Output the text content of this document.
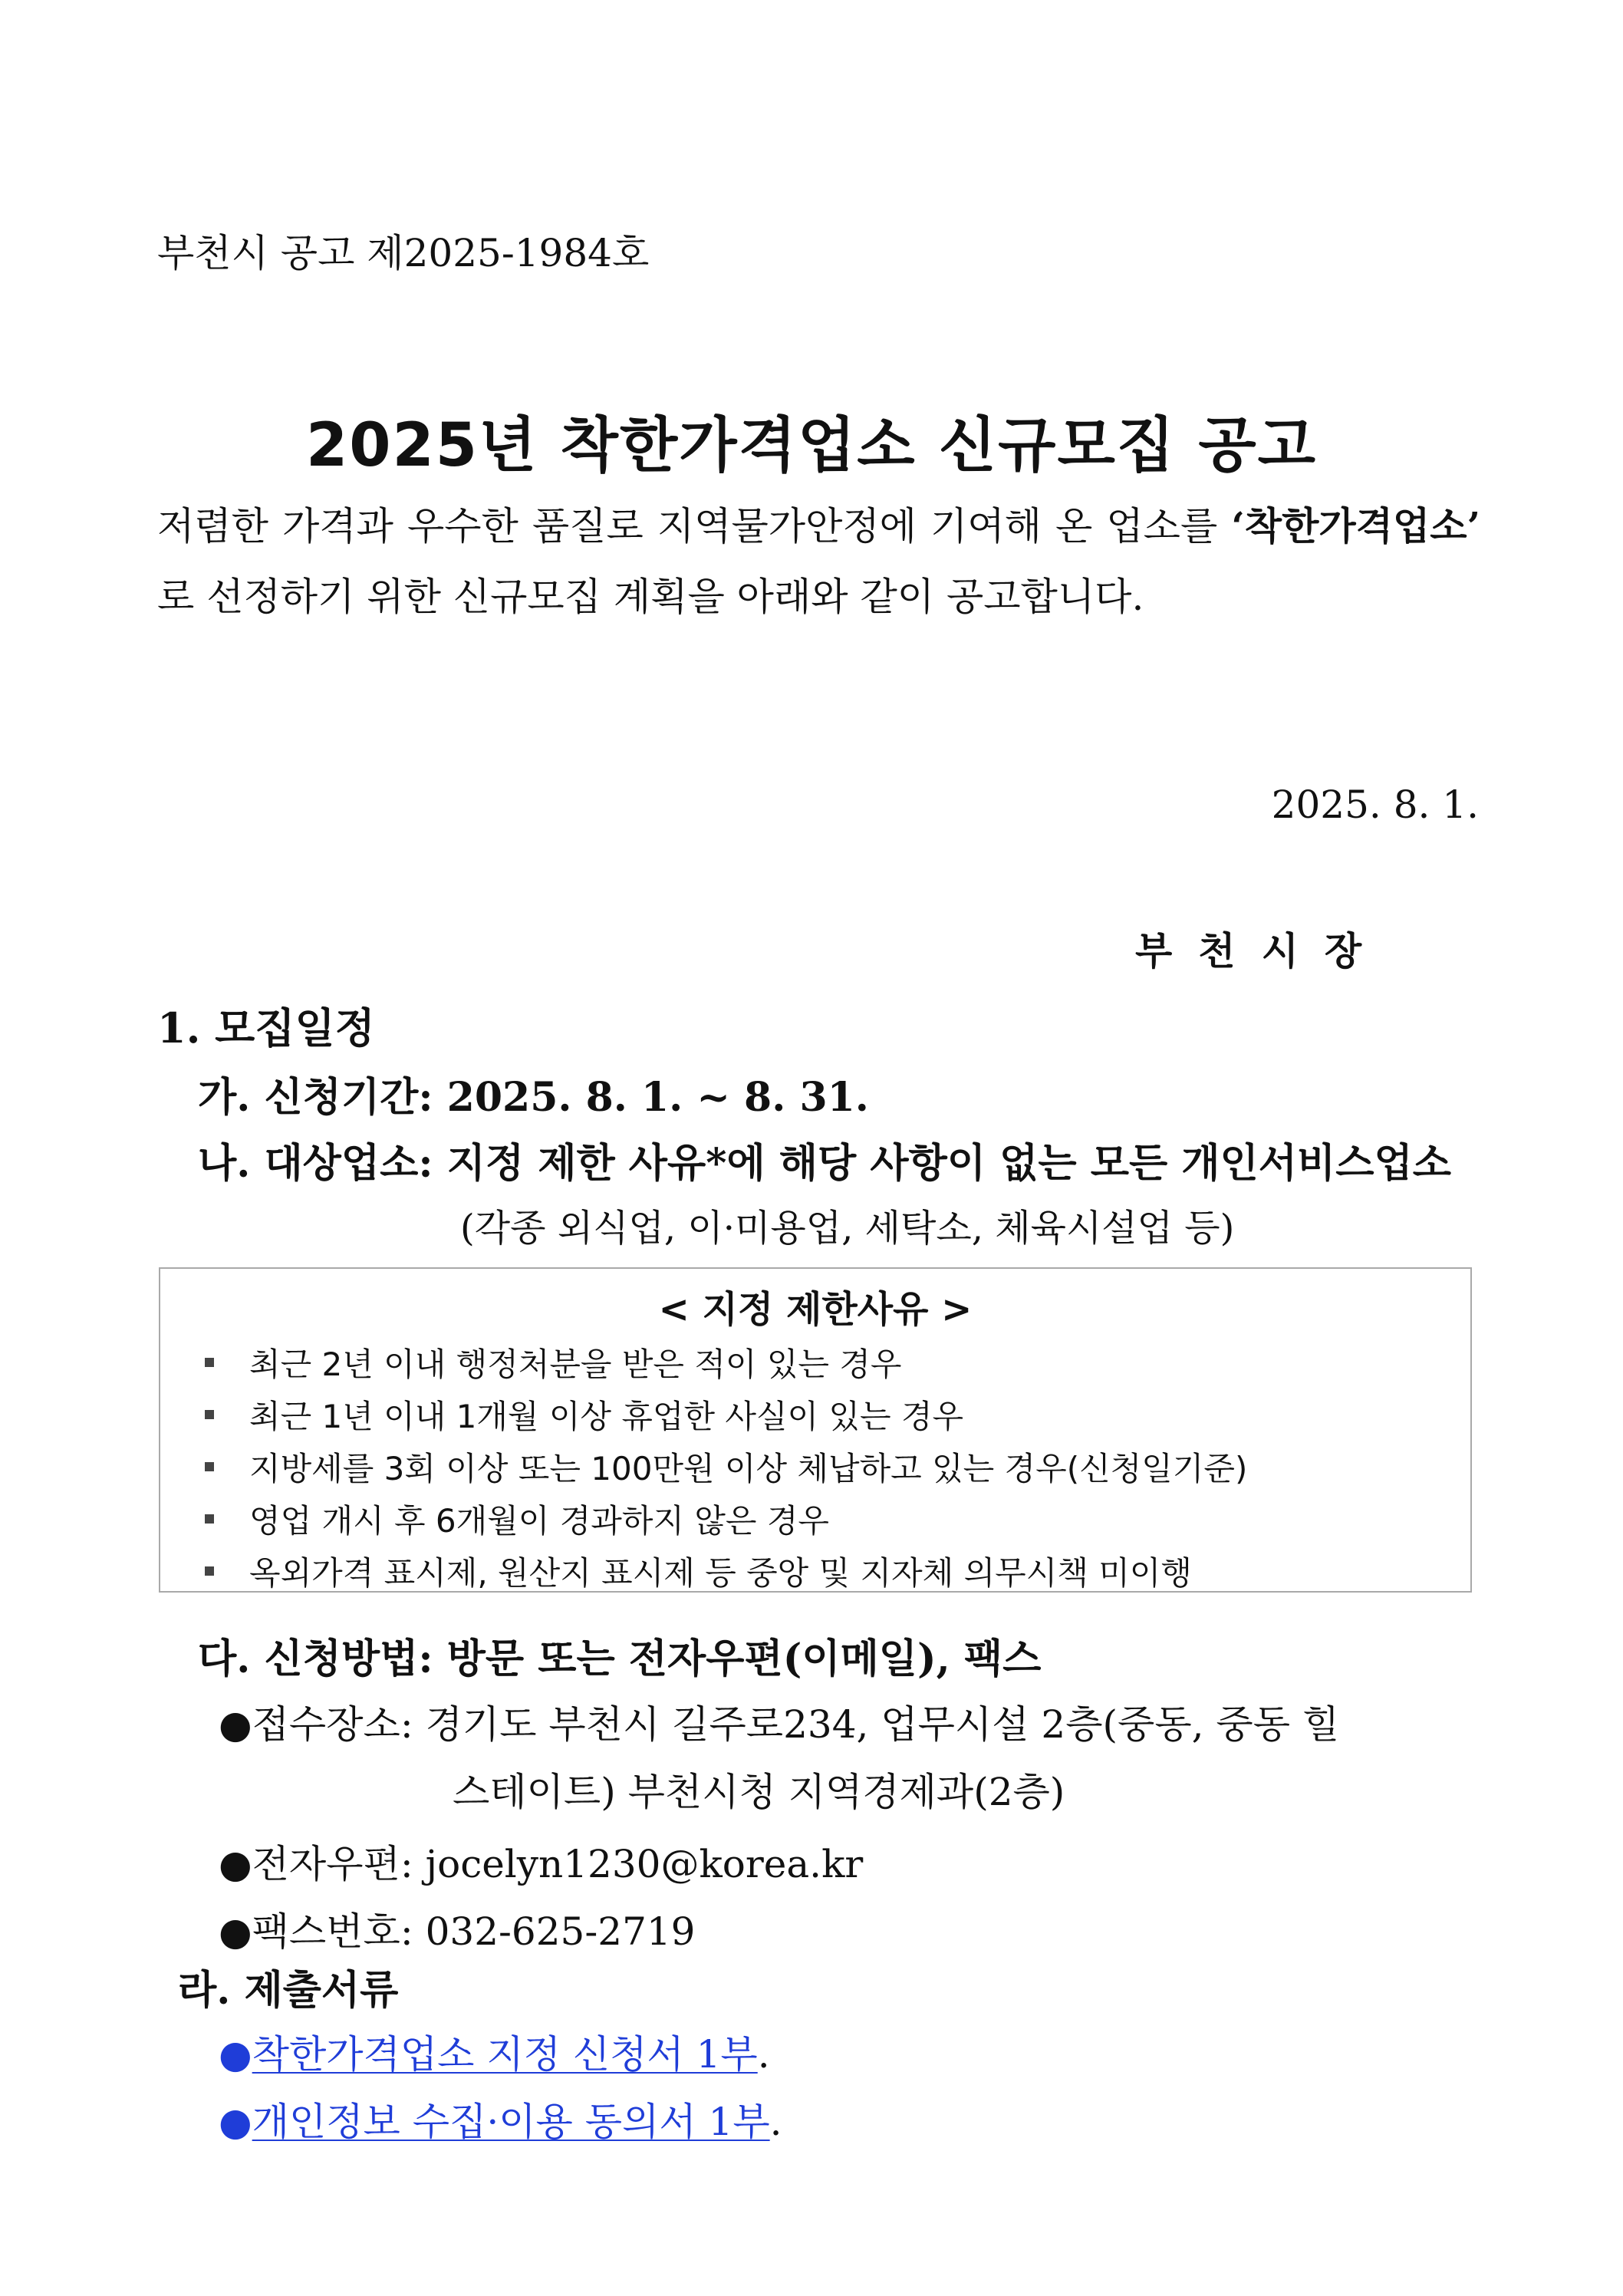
부천시 공고 제2025-1984호
2025년 착한가격업소 신규모집 공고
저렴한 가격과 우수한 품질로 지역물가안정에 기여해 온 업소를 ‘착한가격업소’ 로 선정하기 위한 신규모집 계획을 아래와 같이 공고합니다.
2025. 8. 1.
부천시장
1. 모집일정
가. 신청기간: 2025. 8. 1. ~ 8. 31.
나. 대상업소: 지정 제한 사유*에 해당 사항이 없는 모든 개인서비스업소
(각종 외식업, 이·미용업, 세탁소, 체육시설업 등)
< 지정 제한사유 >
최근 2년 이내 행정처분을 받은 적이 있는 경우
최근 1년 이내 1개월 이상 휴업한 사실이 있는 경우
지방세를 3회 이상 또는 100만원 이상 체납하고 있는 경우(신청일기준)
영업 개시 후 6개월이 경과하지 않은 경우
옥외가격 표시제, 원산지 표시제 등 중앙 및 지자체 의무시책 미이행
다. 신청방법: 방문 또는 전자우편(이메일), 팩스
●접수장소: 경기도 부천시 길주로234, 업무시설 2층(중동, 중동 힐
스테이트) 부천시청 지역경제과(2층)
●전자우편: jocelyn1230@korea.kr
●팩스번호: 032-625-2719
라. 제출서류
●착한가격업소 지정 신청서 1부.
●개인정보 수집·이용 동의서 1부.
